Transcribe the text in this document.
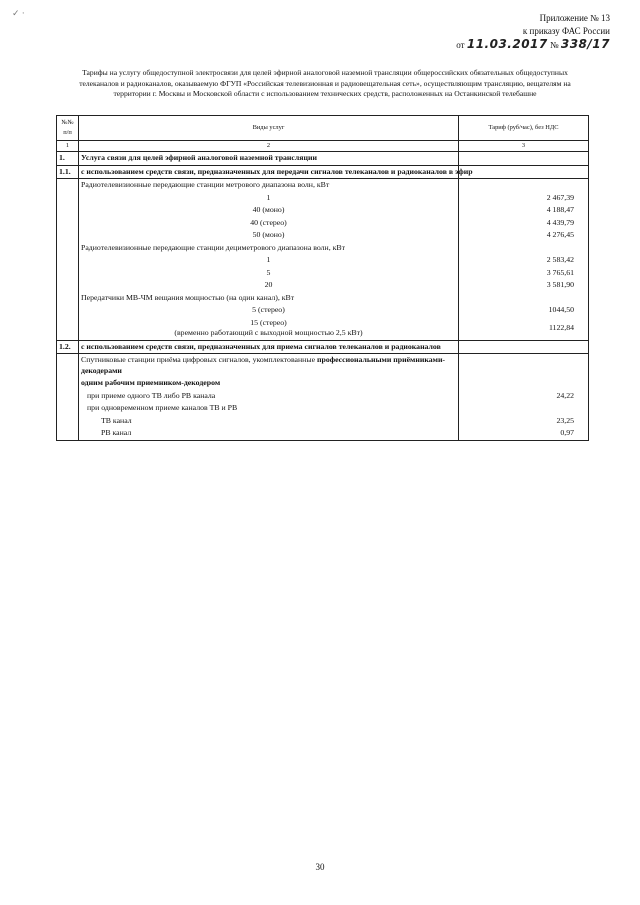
✓ ·	Приложение № 13
к приказу ФАС России
от 11.03.2017 № 338/17
Тарифы на услугу общедоступной электросвязи для целей эфирной аналоговой наземной трансляции общероссийских обязательных общедоступных телеканалов и радиоканалов, оказываемую ФГУП «Российская телевизионная и радиовещательная сеть», осуществляющим трансляцию, вещателям на территории г. Москвы и Московской области с использованием технических средств, расположенных на Останкинской телебашне
№№ п/п	Виды услуг	Тариф (руб/час), без НДС
1	2	3
1.	Услуга связи для целей эфирной аналоговой наземной трансляции	
1.1.	с использованием средств связи, предназначенных для передачи сигналов телеканалов и радиоканалов в эфир	
	Радиотелевизионные передающие станции метрового диапазона волн, кВт	
	1	2 467,39
	40 (моно)	4 188,47
	40 (стерео)	4 439,79
	50 (моно)	4 276,45
	Радиотелевизионные передающие станции дециметрового диапазона волн, кВт	
	1	2 583,42
	5	3 765,61
	20	3 581,90
	Передатчики МВ-ЧМ вещания мощностью (на один канал), кВт	
	5 (стерео)	1044,50

	15 (стерео)
(временно работающий с выходной мощностью 2,5 кВт)	1122,84
1.2.	с использованием средств связи, предназначенных для приема сигналов телеканалов и радиоканалов	
	Спутниковые станции приёма цифровых сигналов, укомплектованные профессиональными приёмниками-декодерами	
	одним рабочим приемником-декодером	
	при приеме одного ТВ либо РВ канала	24,22
	при одновременном приеме каналов ТВ и РВ	
	ТВ канал	23,25
	РВ канал	0,97
30
